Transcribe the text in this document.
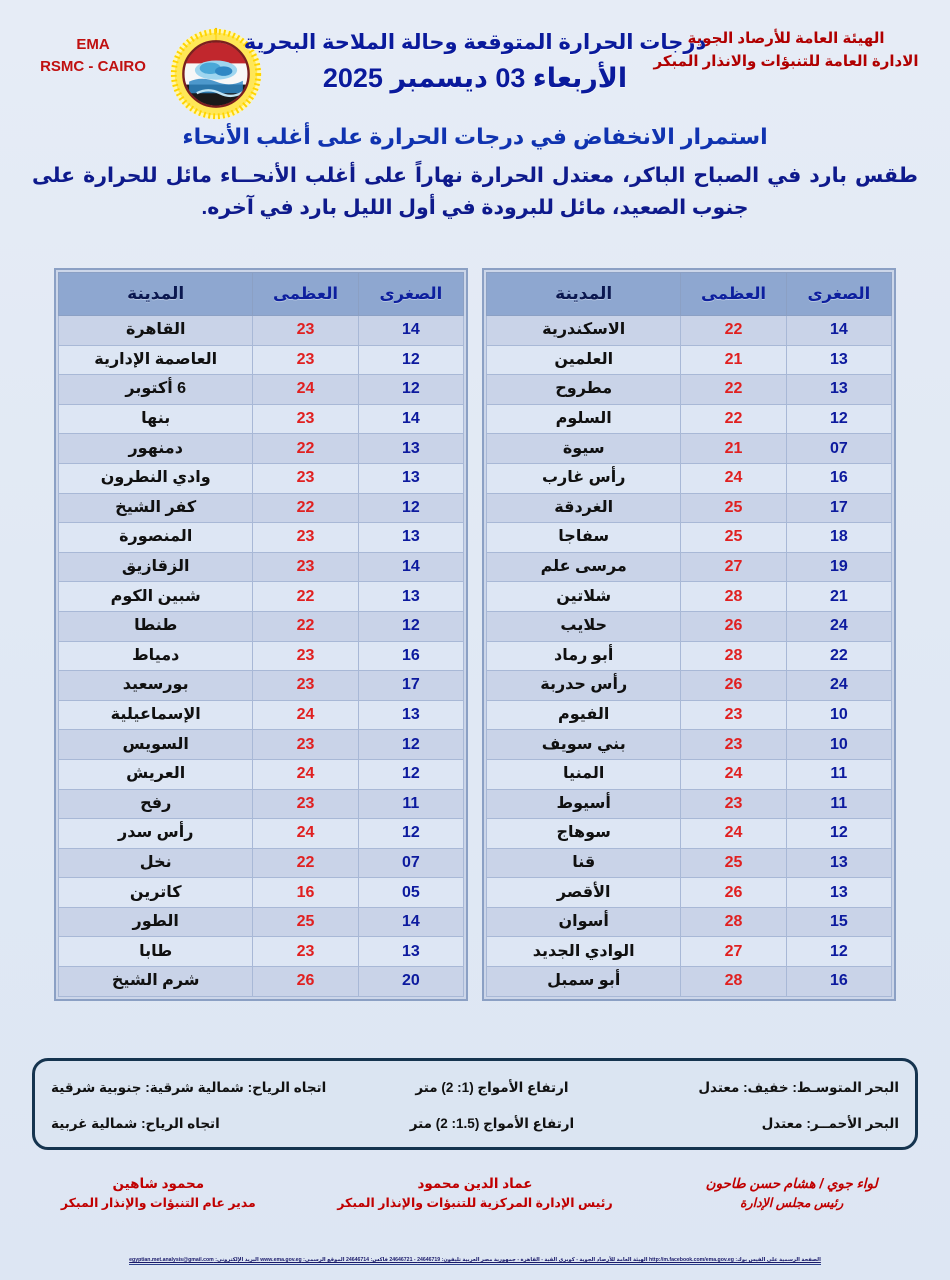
الهيئة العامة للأرصاد الجوية
الادارة العامة للتنبؤات والانذار المبكر
EMA
RSMC - CAIRO
درجات الحرارة المتوقعة وحالة الملاحة البحرية
الأربعاء 03 ديسمبر 2025
استمرار الانخفاض في درجات الحرارة على أغلب الأنحاء
طقس بارد في الصباح الباكر، معتدل الحرارة نهاراً على أغلب الأنحــاء مائل للحرارة على جنوب الصعيد، مائل للبرودة في أول الليل بارد في آخره.
الصغرى	العظمى	المدينة
14	22	الاسكندرية
13	21	العلمين
13	22	مطروح
12	22	السلوم
07	21	سيوة
16	24	رأس غارب
17	25	الغردقة
18	25	سفاجا
19	27	مرسى علم
21	28	شلاتين
24	26	حلايب
22	28	أبو رماد
24	26	رأس حدربة
10	23	الفيوم
10	23	بني سويف
11	24	المنيا
11	23	أسيوط
12	24	سوهاج
13	25	قنا
13	26	الأقصر
15	28	أسوان
12	27	الوادي الجديد
16	28	أبو سمبل
الصغرى	العظمى	المدينة
14	23	القاهرة
12	23	العاصمة الإدارية
12	24	6 أكتوبر
14	23	بنها
13	22	دمنهور
13	23	وادي النطرون
12	22	كفر الشيخ
13	23	المنصورة
14	23	الزقازيق
13	22	شبين الكوم
12	22	طنطا
16	23	دمياط
17	23	بورسعيد
13	24	الإسماعيلية
12	23	السويس
12	24	العريش
11	23	رفح
12	24	رأس سدر
07	22	نخل
05	16	كاترين
14	25	الطور
13	23	طابا
20	26	شرم الشيخ
البحر المتوسـط: خفيف: معتدل
ارتفاع الأمواج (1: 2) متر
اتجاه الرياح: شمالية شرقية: جنوبية شرقية
البحر الأحمــر: معتدل
ارتفاع الأمواج (1.5: 2) متر
اتجاه الرياح: شمالية غربية
لواء جوي / هشام حسن طاحون
رئيس مجلس الإدارة
عماد الدين محمود
رئيس الإدارة المركزية للتنبؤات والإنذار المبكر
محمود شاهين
مدير عام التنبؤات والإنذار المبكر
الصفحة الرسمية على الفيس بوك: http://m.facebook.com/ema.gov.eg الهيئة العامة للأرصاد الجوية - كوبري القبة - القاهرة - جمهورية مصر العربية تليفون: 24646719 - 24646721 فاكس: 24646714 الموقع الرسمي: www.ema.gov.eg البريد الإلكتروني: egyptian.met.analysis@gmail.com
